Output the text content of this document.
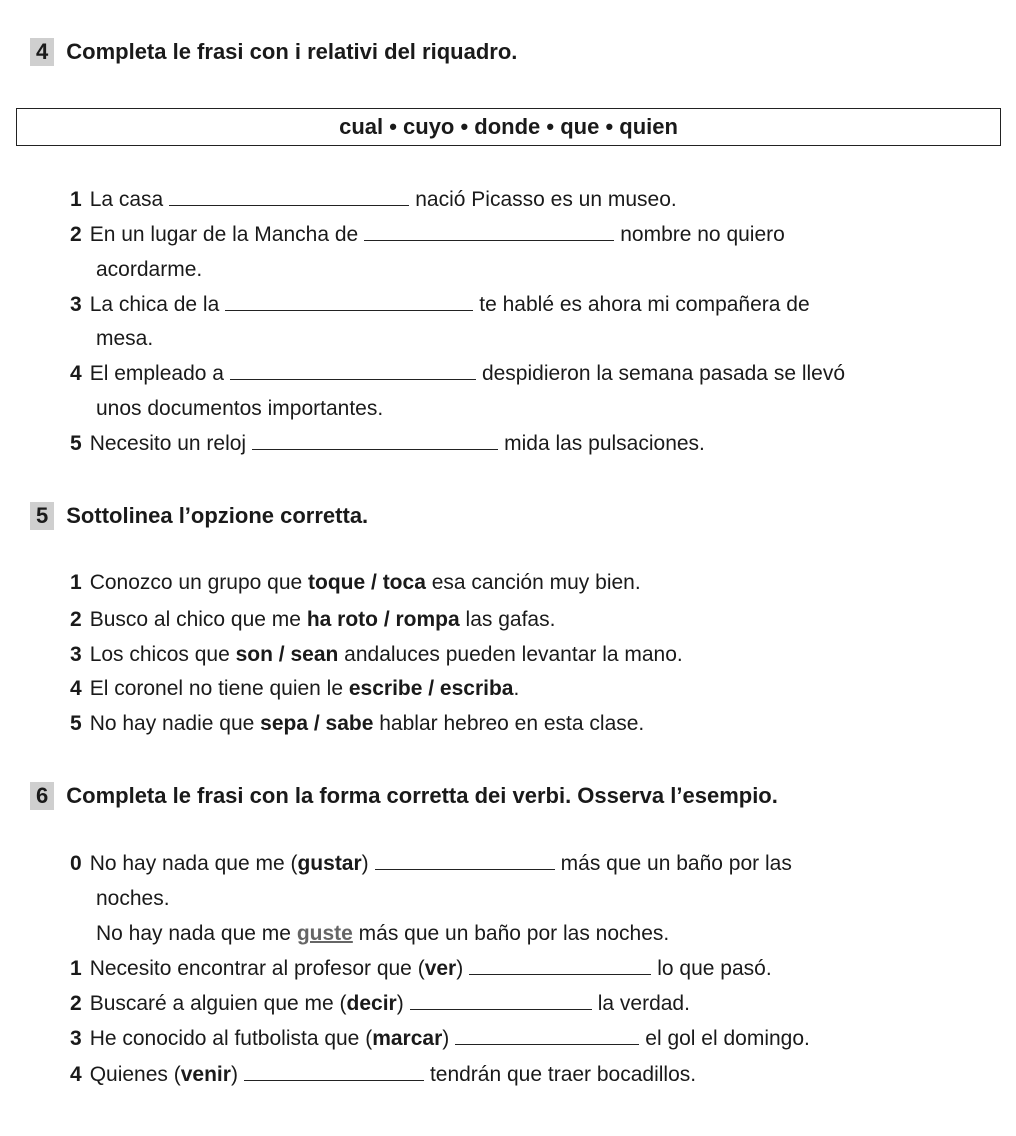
4 Completa le frasi con i relativi del riquadro.
cual • cuyo • donde • que • quien
1 La casa	nació Picasso es un museo.
2 En un lugar de la Mancha de	nombre no quiero
acordarme.
3 La chica de la	te hablé es ahora mi compañera de
mesa.
4 El empleado a	despidieron la semana pasada se llevó
unos documentos importantes.
5 Necesito un reloj	mida las pulsaciones.
5 Sottolinea l’opzione corretta.
1 Conozco un grupo que toque / toca esa canción muy bien.
2 Busco al chico que me ha roto / rompa las gafas.
3 Los chicos que son / sean andaluces pueden levantar la mano.
4 El coronel no tiene quien le escribe / escriba.
5 No hay nadie que sepa / sabe hablar hebreo en esta clase.
6 Completa le frasi con la forma corretta dei verbi. Osserva l’esempio.
0 No hay nada que me (gustar)	más que un baño por las
noches.
No hay nada que me guste más que un baño por las noches.
1 Necesito encontrar al profesor que (ver)	lo que pasó.
2 Buscaré a alguien que me (decir)	la verdad.
3 He conocido al futbolista que (marcar)	el gol el domingo.
4 Quienes (venir)	tendrán que traer bocadillos.
